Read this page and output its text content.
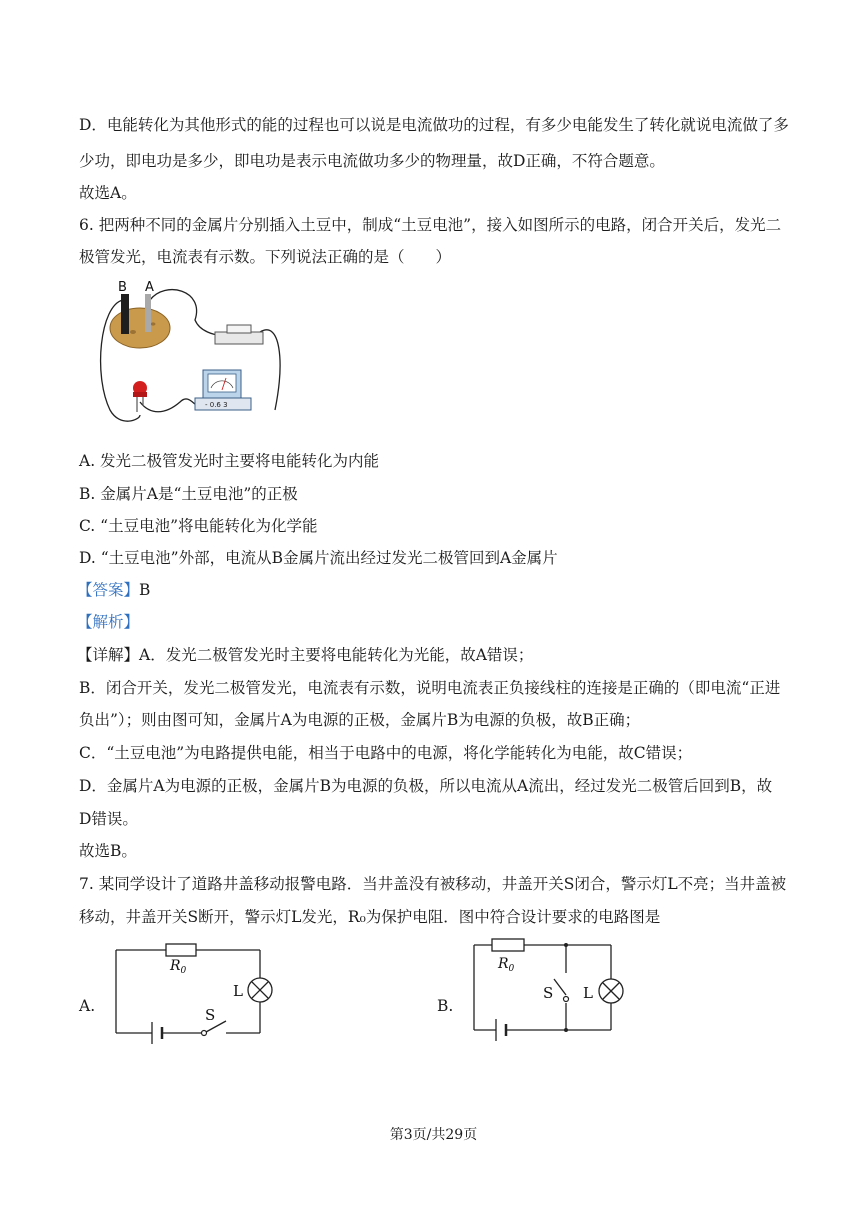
D．电能转化为其他形式的能的过程也可以说是电流做功的过程，有多少电能发生了转化就说电流做了多
少功，即电功是多少，即电功是表示电流做功多少的物理量，故D正确，不符合题意。
故选A。
6. 把两种不同的金属片分别插入土豆中，制成“土豆电池”，接入如图所示的电路，闭合开关后，发光二
极管发光，电流表有示数。下列说法正确的是（　　）
- 0.6 3
B A
A. 发光二极管发光时主要将电能转化为内能
B. 金属片A是“土豆电池”的正极
C. “土豆电池”将电能转化为化学能
D. “土豆电池”外部，电流从B金属片流出经过发光二极管回到A金属片
【答案】B
【解析】
【详解】A．发光二极管发光时主要将电能转化为光能，故A错误；
B．闭合开关，发光二极管发光，电流表有示数，说明电流表正负接线柱的连接是正确的（即电流“正进
负出”）；则由图可知，金属片A为电源的正极，金属片B为电源的负极，故B正确；
C．“土豆电池”为电路提供电能，相当于电路中的电源，将化学能转化为电能，故C错误；
D．金属片A为电源的正极，金属片B为电源的负极，所以电流从A流出，经过发光二极管后回到B，故
D错误。
故选B。
7. 某同学设计了道路井盖移动报警电路．当井盖没有被移动，井盖开关S闭合，警示灯L不亮；当井盖被
移动，井盖开关S断开，警示灯L发光，R₀为保护电阻．图中符合设计要求的电路图是
A.
$R_0$
L
S	B.
$R_0$
S L
第3页/共29页
